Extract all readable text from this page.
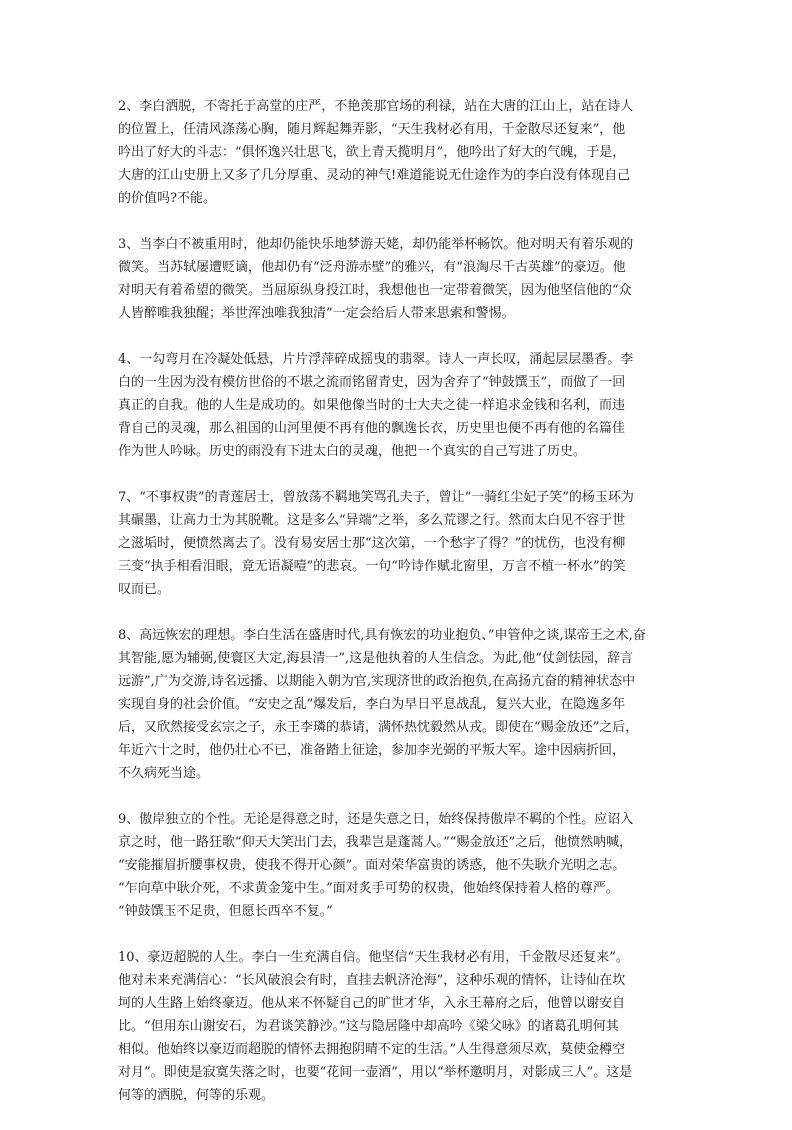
2、李白洒脱，不寄托于高堂的庄严，不艳羡那官场的利禄，站在大唐的江山上，站在诗人
的位置上，任清风涤荡心胸，随月辉起舞弄影，“天生我材必有用，千金散尽还复来”，他
吟出了好大的斗志：“俱怀逸兴壮思飞，欲上青天揽明月”，他吟出了好大的气魄，于是，
大唐的江山史册上又多了几分厚重、灵动的神气!难道能说无仕途作为的李白没有体现自己
的价值吗?不能。

3、当李白不被重用时，他却仍能快乐地梦游天姥，却仍能举杯畅饮。他对明天有着乐观的
微笑。当苏轼屡遭贬谪，他却仍有“泛舟游赤壁”的雅兴，有“浪淘尽千古英雄”的豪迈。他
对明天有着希望的微笑。当屈原纵身投江时，我想他也一定带着微笑，因为他坚信他的“众
人皆醉唯我独醒；举世浑浊唯我独清”一定会给后人带来思索和警惕。

4、一勾弯月在冷凝处低悬，片片浮萍碎成摇曳的翡翠。诗人一声长叹，涌起层层墨香。李
白的一生因为没有模仿世俗的不堪之流而铭留青史，因为舍弃了“钟鼓馔玉”，而做了一回
真正的自我。他的人生是成功的。如果他像当时的士大夫之徒一样追求金钱和名利，而违
背自己的灵魂，那么祖国的山河里便不再有他的飘逸长衣，历史里也便不再有他的名篇佳
作为世人吟咏。历史的雨没有下进太白的灵魂，他把一个真实的自己写进了历史。

7、“不事权贵”的青莲居士，曾放荡不羁地笑骂孔夫子，曾让“一骑红尘妃子笑”的杨玉环为
其碾墨，让高力士为其脱靴。这是多么“异端”之举，多么荒谬之行。然而太白见不容于世
之滋垢时，便愤然离去了。没有易安居士那“这次第，一个愁字了得？”的忧伤，也没有柳
三变“执手相看泪眼，竟无语凝噎”的悲哀。一句“吟诗作赋北窗里，万言不植一杯水”的笑
叹而已。

8、高远恢宏的理想。李白生活在盛唐时代,具有恢宏的功业抱负、”申管仲之谈,谋帝王之术,奋
其智能,愿为辅弼,使寰区大定,海县清一”,这是他执着的人生信念。为此,他“仗剑怯园，辞言
远游”,广为交游,诗名远播、以期能入朝为官,实现济世的政治抱负,在高扬亢奋的精神状态中
实现自身的社会价值。“安史之乱”爆发后，李白为早日平息战乱，复兴大业，在隐逸多年
后，又欣然接受玄宗之子，永王李璘的恭请，满怀热忱毅然从戎。即使在“赐金放还”之后，
年近六十之时，他仍壮心不已，准备踏上征途，参加李光弼的平叛大军。途中因病折回，
不久病死当途。

9、傲岸独立的个性。无论是得意之时，还是失意之日，始终保持傲岸不羁的个性。应诏入
京之时，他一路狂歌“仰天大笑出门去，我辈岂是蓬蒿人。”“赐金放还”之后，他愤然呐喊，
“安能摧眉折腰事权贵，使我不得开心颜”。面对荣华富贵的诱惑，他不失耿介光明之志。
“乍向草中耿介死，不求黄金笼中生。”面对炙手可势的权贵，他始终保持着人格的尊严。
“钟鼓馔玉不足贵，但愿长西卒不复。”

10、豪迈超脱的人生。李白一生充满自信。他坚信“天生我材必有用，千金散尽还复来”。
他对未来充满信心：“长风破浪会有时，直挂去帆济沧海”，这种乐观的情怀，让诗仙在坎
坷的人生路上始终豪迈。他从来不怀疑自己的旷世才华，入永王幕府之后，他曾以谢安自
比。“但用东山谢安石，为君谈笑静沙。”这与隐居隆中却高吟《梁父咏》的诸葛孔明何其
相似。他始终以豪迈而超脱的情怀去拥抱阴晴不定的生活。”人生得意须尽欢，莫使金樽空
对月”。即使是寂寞失落之时，也要“花间一壶酒”，用以“举杯邀明月，对影成三人”。这是
何等的洒脱，何等的乐观。
